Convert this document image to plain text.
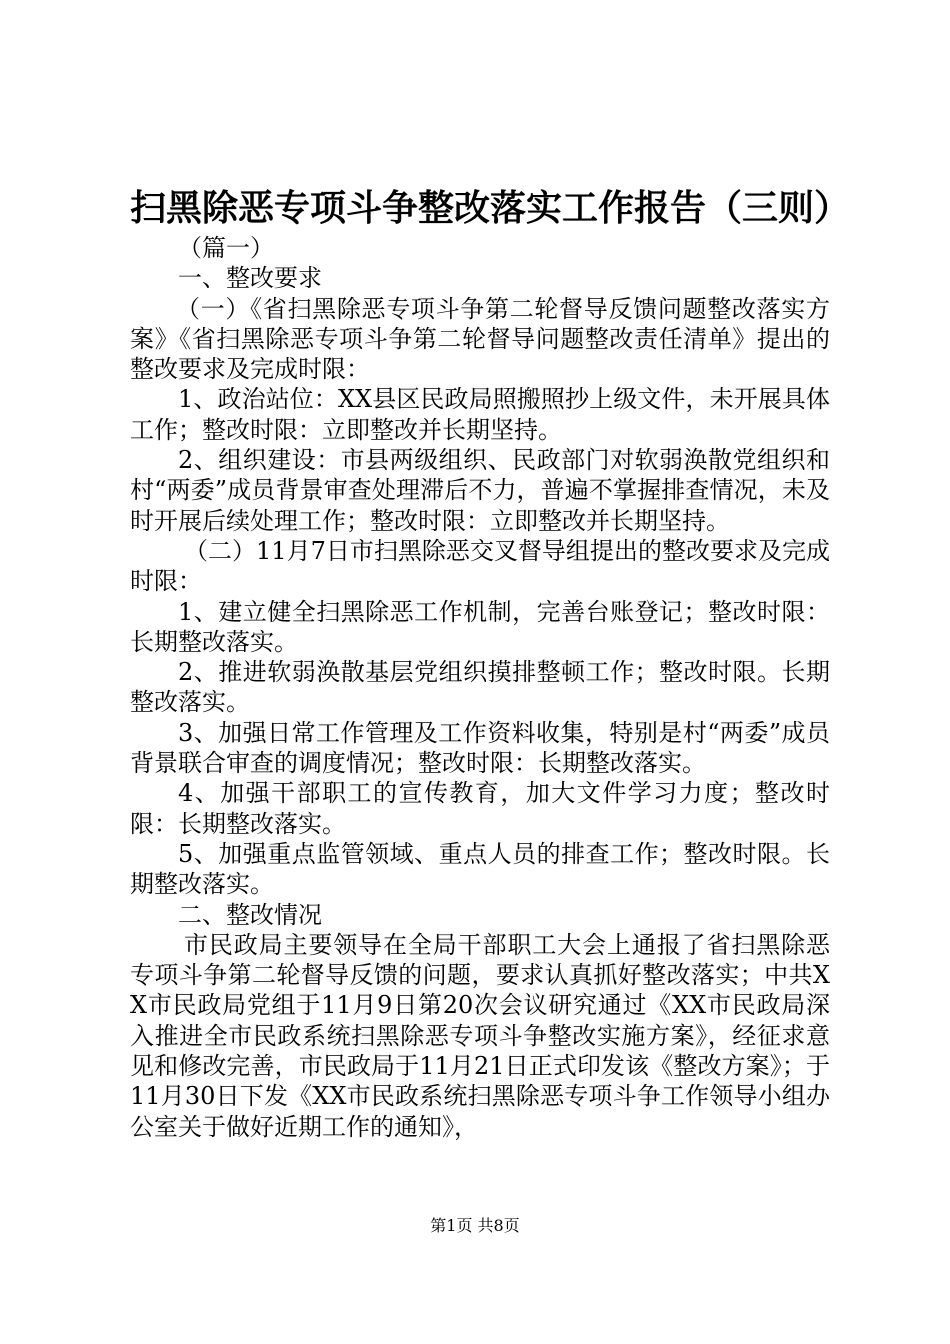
扫黑除恶专项斗争整改落实工作报告（三则）

（篇一）

一、整改要求

（一）《省扫黑除恶专项斗争第二轮督导反馈问题整改落实方案》《省扫黑除恶专项斗争第二轮督导问题整改责任清单》提出的整改要求及完成时限：

1、政治站位：XX县区民政局照搬照抄上级文件，未开展具体工作；整改时限：立即整改并长期坚持。

2、组织建设：市县两级组织、民政部门对软弱涣散党组织和村“两委”成员背景审查处理滞后不力，普遍不掌握排查情况，未及时开展后续处理工作；整改时限：立即整改并长期坚持。

（二）11月7日市扫黑除恶交叉督导组提出的整改要求及完成时限：

1、建立健全扫黑除恶工作机制，完善台账登记；整改时限：长期整改落实。

2、推进软弱涣散基层党组织摸排整顿工作；整改时限。长期整改落实。

3、加强日常工作管理及工作资料收集，特别是村“两委”成员背景联合审查的调度情况；整改时限：长期整改落实。

4、加强干部职工的宣传教育，加大文件学习力度；整改时限：长期整改落实。

5、加强重点监管领域、重点人员的排查工作；整改时限。长期整改落实。

二、整改情况

市民政局主要领导在全局干部职工大会上通报了省扫黑除恶专项斗争第二轮督导反馈的问题，要求认真抓好整改落实；中共XX市民政局党组于11月9日第20次会议研究通过《XX市民政局深入推进全市民政系统扫黑除恶专项斗争整改实施方案》，经征求意见和修改完善，市民政局于11月21日正式印发该《整改方案》；于11月30日下发《XX市民政系统扫黑除恶专项斗争工作领导小组办公室关于做好近期工作的通知》，

第1页 共8页
